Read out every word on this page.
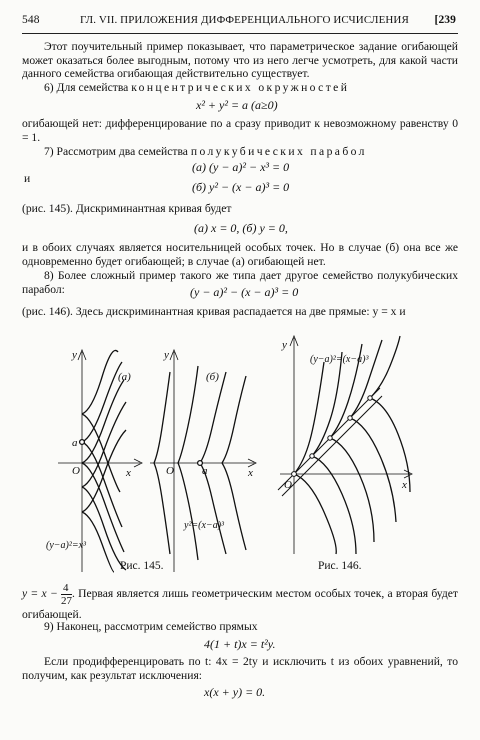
548	ГЛ. VII. ПРИЛОЖЕНИЯ ДИФФЕРЕНЦИАЛЬНОГО ИСЧИСЛЕНИЯ [239
Этот поучительный пример показывает, что параметрическое задание огибающей может оказаться более выгодным, потому что из него легче усмотреть, для какой части данного семейства огибающая действительно существует.
6) Для семейства концентрических окружностей
x² + y² = a (a≥0)
огибающей нет: дифференцирование по a сразу приводит к невозможному равенству 0 = 1.
7) Рассмотрим два семейства полукубических парабол
(а) (y − a)² − x³ = 0
и
(б) y² − (x − a)³ = 0
(рис. 145). Дискриминантная кривая будет
(а) x = 0, (б) y = 0,
и в обоих случаях является носительницей особых точек. Но в случае (б) она все же одновременно будет огибающей; в случае (а) огибающей нет.
8) Более сложный пример такого же типа дает другое семейство полукубических парабол:	(y − a)² − (x − a)³ = 0
(рис. 146). Здесь дискриминантная кривая распадается на две прямые: y = x и
y
x
O
a
(a)
(y−a)²=x³
y
x
O	a
(б)
y²=(x−a)³
Рис. 145.
y
x
O
(y−a)²=(x−a)³
Рис. 146.
$y = x - \frac{4}{27}$ . Первая является лишь геометрическим местом особых точек, а вторая будет огибающей.
9) Наконец, рассмотрим семейство прямых
4(1 + t)x = t²y.
Если продифференцировать по t: 4x = 2ty и исключить t из обоих уравнений, то получим, как результат исключения:
x(x + y) = 0.
